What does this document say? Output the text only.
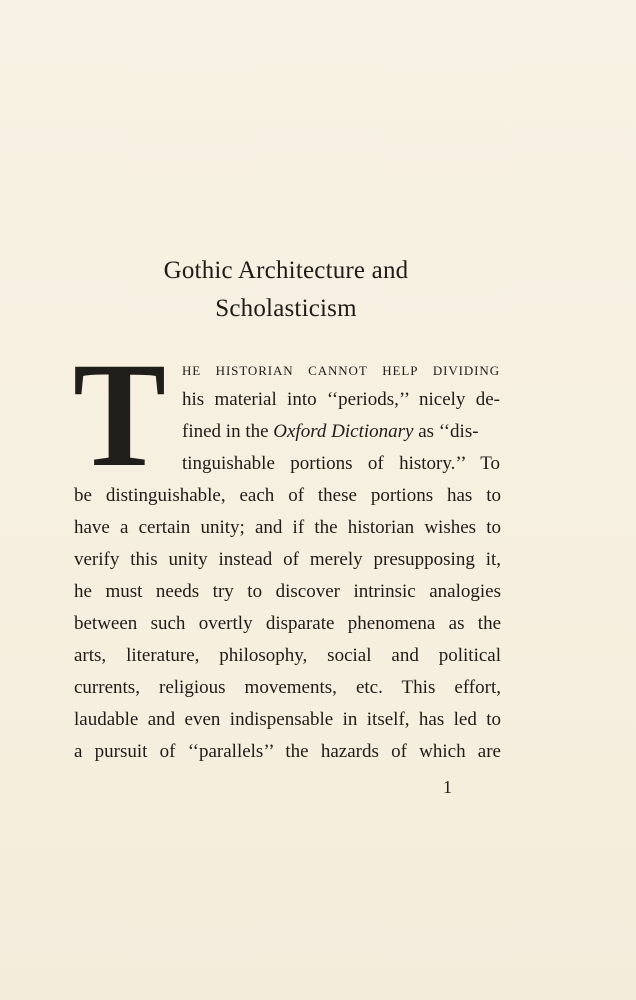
Gothic Architecture and
Scholasticism
T he historian cannot help dividing
his material into ‘‘periods,’’ nicely de-
fined in the Oxford Dictionary as ‘‘dis-
tinguishable portions of history.’’ To
be distinguishable, each of these portions has to
have a certain unity; and if the historian wishes to
verify this unity instead of merely presupposing it,
he must needs try to discover intrinsic analogies
between such overtly disparate phenomena as the
arts, literature, philosophy, social and political
currents, religious movements, etc. This effort,
laudable and even indispensable in itself, has led to
a pursuit of ‘‘parallels’’ the hazards of which are
1
